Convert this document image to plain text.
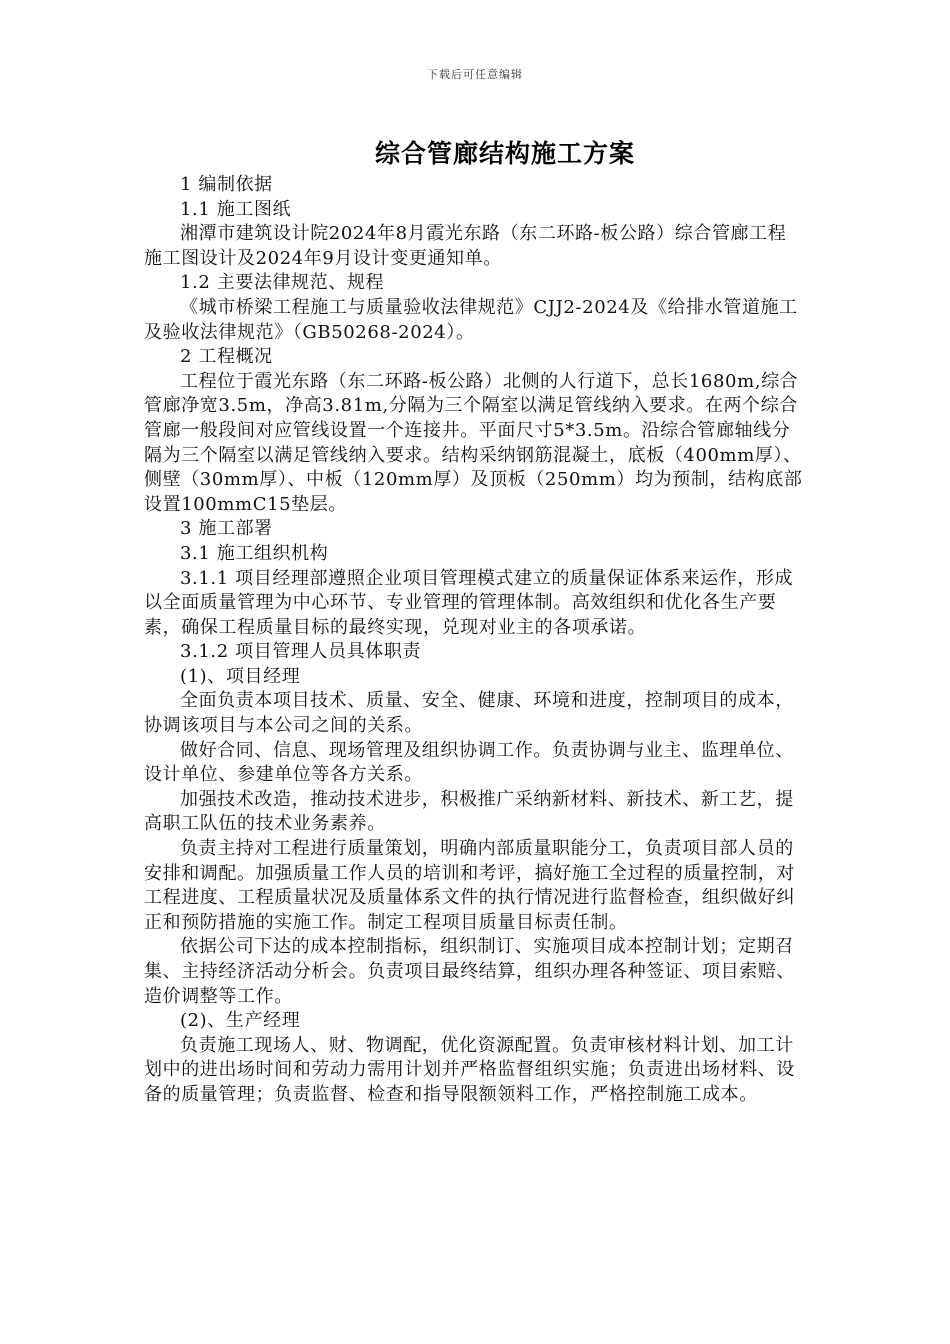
下载后可任意编辑
综合管廊结构施工方案

1 编制依据

1.1 施工图纸

湘潭市建筑设计院2024年8月霞光东路（东二环路-板公路）综合管廊工程施工图设计及2024年9月设计变更通知单。

1.2 主要法律规范、规程

《城市桥梁工程施工与质量验收法律规范》CJJ2-2024及《给排水管道施工及验收法律规范》（GB50268-2024）。

2 工程概况

工程位于霞光东路（东二环路-板公路）北侧的人行道下，总长1680m,综合管廊净宽3.5m，净高3.81m,分隔为三个隔室以满足管线纳入要求。在两个综合管廊一般段间对应管线设置一个连接井。平面尺寸5*3.5m。沿综合管廊轴线分隔为三个隔室以满足管线纳入要求。结构采纳钢筋混凝土，底板（400mm厚）、侧壁（30mm厚）、中板（120mm厚）及顶板（250mm）均为预制，结构底部设置100mmC15垫层。

3 施工部署

3.1 施工组织机构

3.1.1 项目经理部遵照企业项目管理模式建立的质量保证体系来运作，形成以全面质量管理为中心环节、专业管理的管理体制。高效组织和优化各生产要素，确保工程质量目标的最终实现，兑现对业主的各项承诺。

3.1.2 项目管理人员具体职责

(1)、项目经理

全面负责本项目技术、质量、安全、健康、环境和进度，控制项目的成本，协调该项目与本公司之间的关系。

做好合同、信息、现场管理及组织协调工作。负责协调与业主、监理单位、设计单位、参建单位等各方关系。

加强技术改造，推动技术进步，积极推广采纳新材料、新技术、新工艺，提高职工队伍的技术业务素养。

负责主持对工程进行质量策划，明确内部质量职能分工，负责项目部人员的安排和调配。加强质量工作人员的培训和考评，搞好施工全过程的质量控制，对工程进度、工程质量状况及质量体系文件的执行情况进行监督检查，组织做好纠正和预防措施的实施工作。制定工程项目质量目标责任制。

依据公司下达的成本控制指标，组织制订、实施项目成本控制计划；定期召集、主持经济活动分析会。负责项目最终结算，组织办理各种签证、项目索赔、造价调整等工作。

(2)、生产经理

负责施工现场人、财、物调配，优化资源配置。负责审核材料计划、加工计划中的进出场时间和劳动力需用计划并严格监督组织实施；负责进出场材料、设备的质量管理；负责监督、检查和指导限额领料工作，严格控制施工成本。
